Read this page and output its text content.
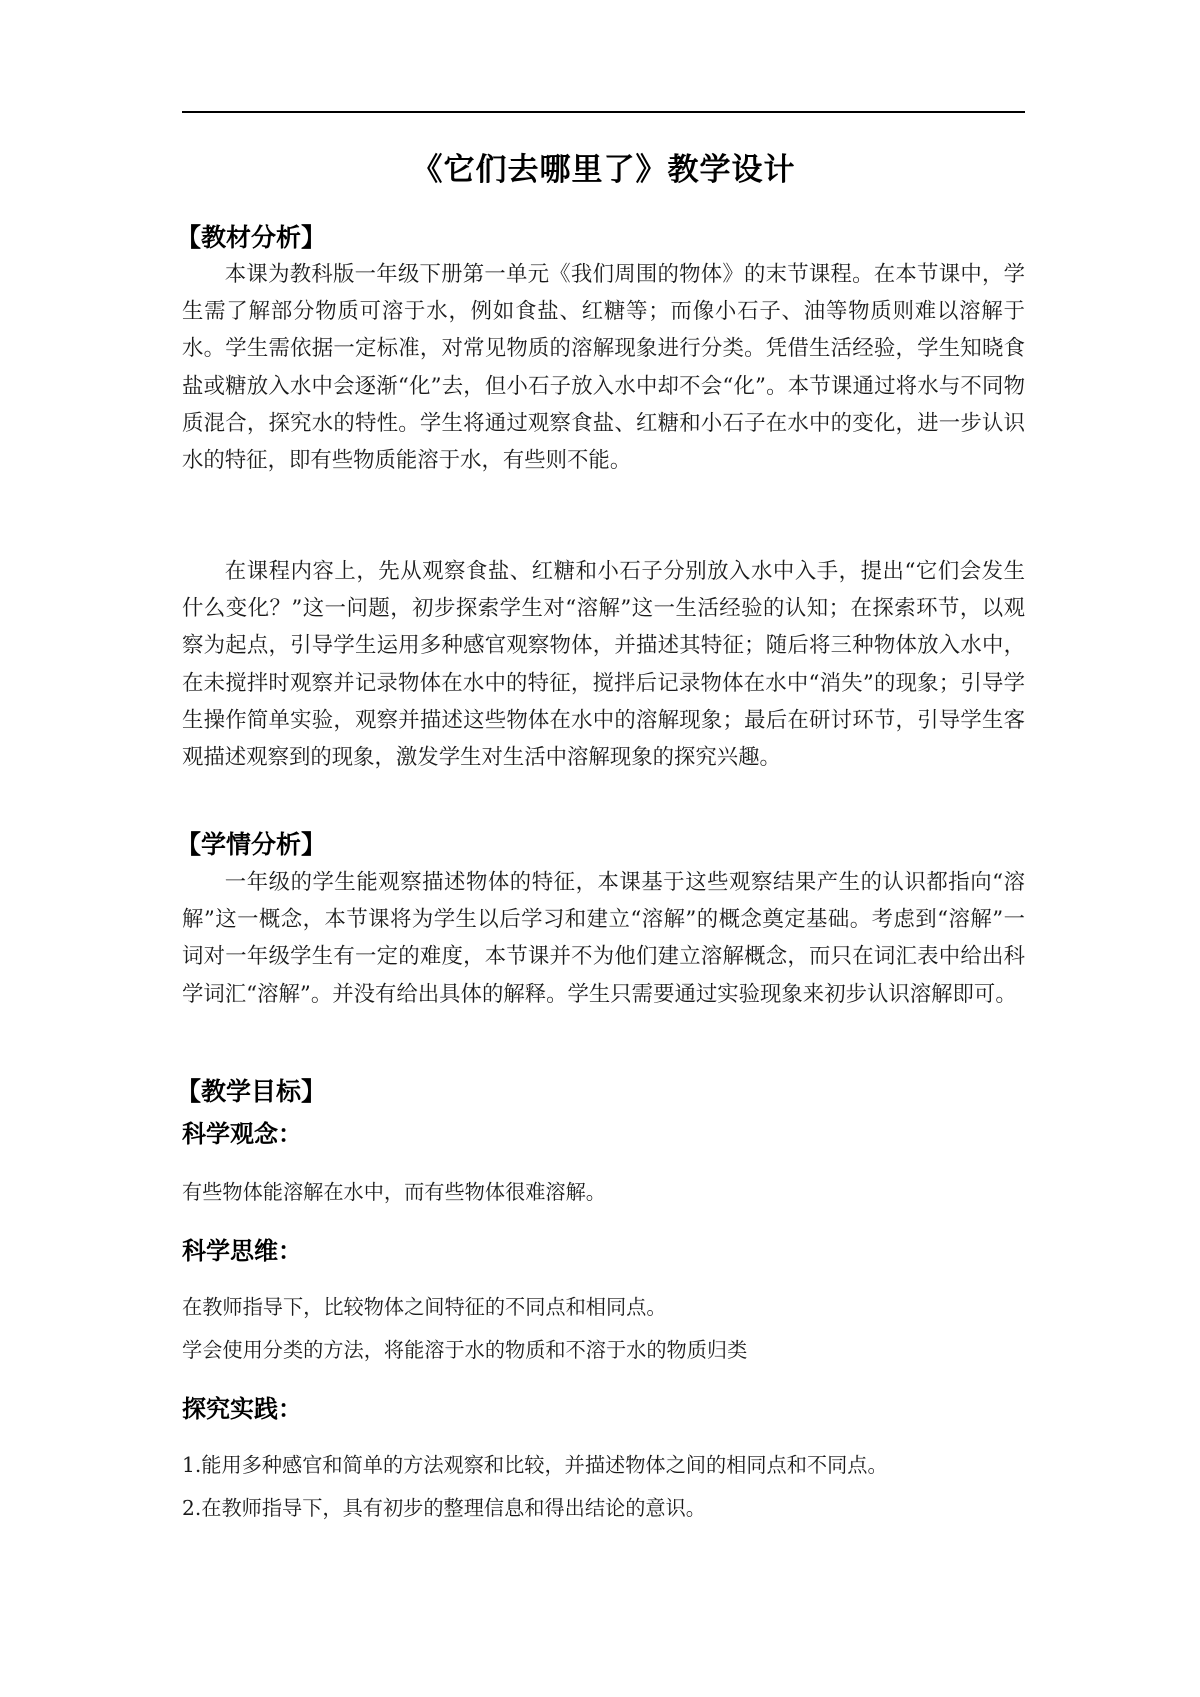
《它们去哪里了》教学设计
【教材分析】

本课为教科版一年级下册第一单元《我们周围的物体》的末节课程。在本节课中，学生需了解部分物质可溶于水，例如食盐、红糖等；而像小石子、油等物质则难以溶解于水。学生需依据一定标准，对常见物质的溶解现象进行分类。凭借生活经验，学生知晓食盐或糖放入水中会逐渐“化”去，但小石子放入水中却不会“化”。本节课通过将水与不同物质混合，探究水的特性。学生将通过观察食盐、红糖和小石子在水中的变化，进一步认识水的特征，即有些物质能溶于水，有些则不能。

在课程内容上，先从观察食盐、红糖和小石子分别放入水中入手，提出“它们会发生什么变化？”这一问题，初步探索学生对“溶解”这一生活经验的认知；在探索环节，以观察为起点，引导学生运用多种感官观察物体，并描述其特征；随后将三种物体放入水中，在未搅拌时观察并记录物体在水中的特征，搅拌后记录物体在水中“消失”的现象；引导学生操作简单实验，观察并描述这些物体在水中的溶解现象；最后在研讨环节，引导学生客观描述观察到的现象，激发学生对生活中溶解现象的探究兴趣。

【学情分析】

一年级的学生能观察描述物体的特征，本课基于这些观察结果产生的认识都指向“溶解”这一概念，本节课将为学生以后学习和建立“溶解”的概念奠定基础。考虑到“溶解”一词对一年级学生有一定的难度，本节课并不为他们建立溶解概念，而只在词汇表中给出科学词汇“溶解”。并没有给出具体的解释。学生只需要通过实验现象来初步认识溶解即可。

【教学目标】
科学观念：

有些物体能溶解在水中，而有些物体很难溶解。

科学思维：

在教师指导下，比较物体之间特征的不同点和相同点。

学会使用分类的方法，将能溶于水的物质和不溶于水的物质归类

探究实践：

1.能用多种感官和简单的方法观察和比较，并描述物体之间的相同点和不同点。

2.在教师指导下，具有初步的整理信息和得出结论的意识。
